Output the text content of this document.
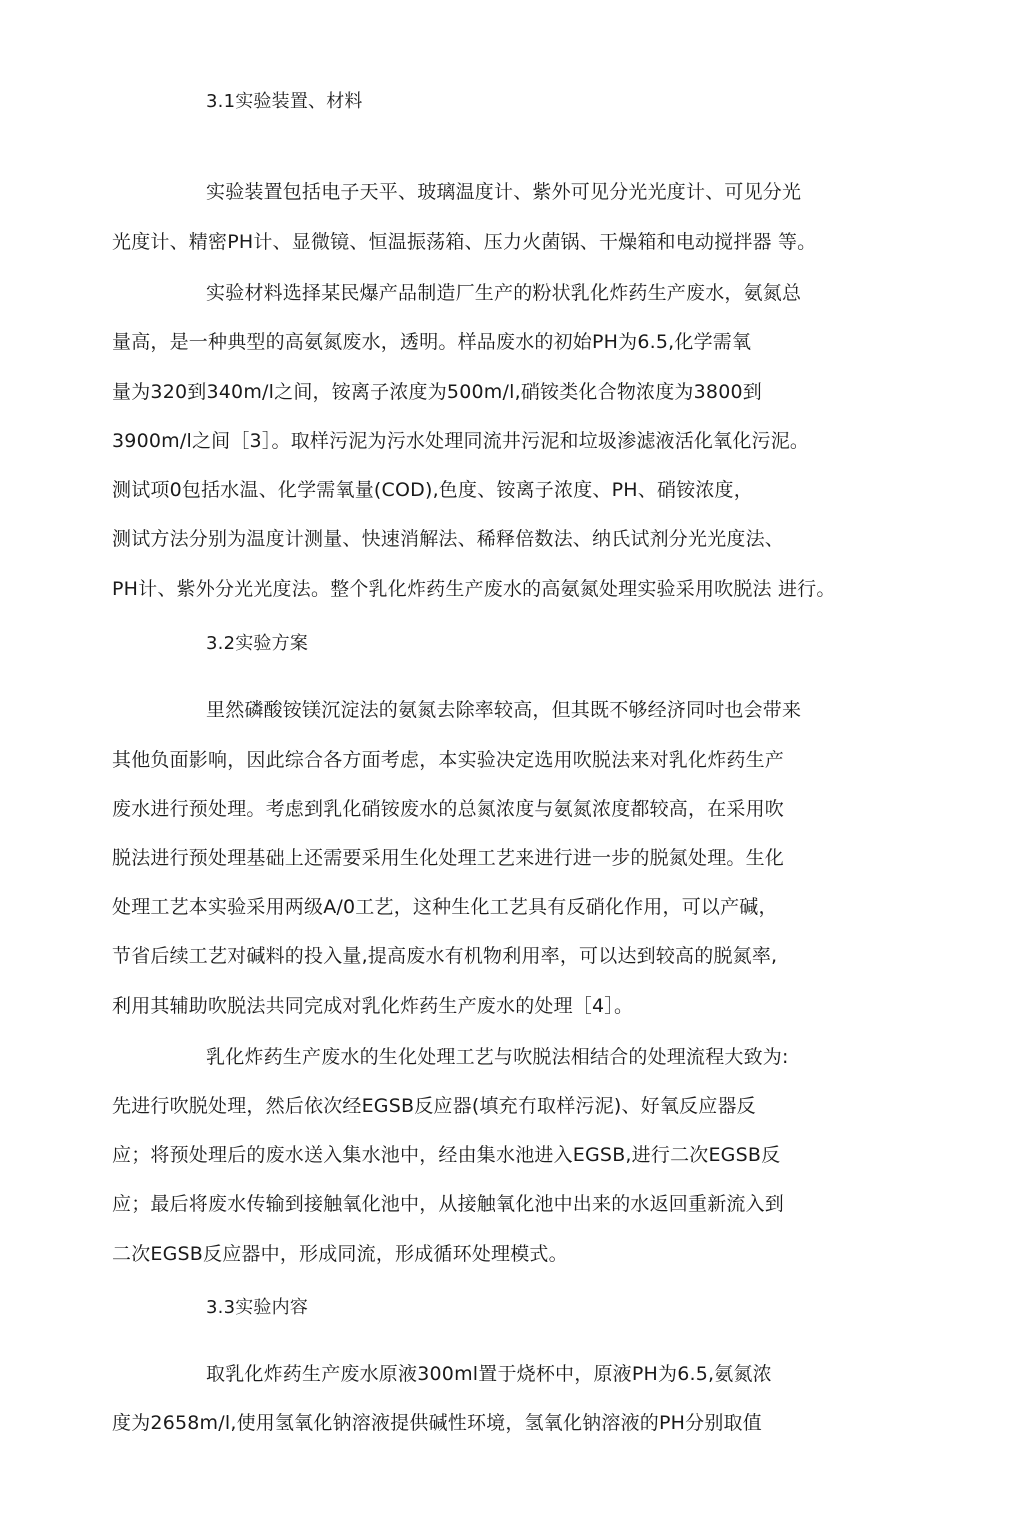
3.1实验装置、材料
实验装置包括电子天平、玻璃温度计、紫外可见分光光度计、可见分光
光度计、精密PH计、显微镜、恒温振荡箱、压力火菌锅、干燥箱和电动搅拌器 等。
实验材料选择某民爆产品制造厂生产的粉状乳化炸药生产废水，氨氮总
量高，是一种典型的高氨氮废水，透明。样品废水的初始PH为6.5,化学需氧
量为320到340m/l之间，铵离子浓度为500m/l,硝铵类化合物浓度为3800到
3900m/l之间［3］。取样污泥为污水处理同流井污泥和垃圾渗滤液活化氧化污泥。
测试项0包括水温、化学需氧量(COD),色度、铵离子浓度、PH、硝铵浓度，
测试方法分别为温度计测量、快速消解法、稀释倍数法、纳氏试剂分光光度法、
PH计、紫外分光光度法。整个乳化炸药生产废水的高氨氮处理实验采用吹脱法 进行。
3.2实验方案
里然磷酸铵镁沉淀法的氨氮去除率较高，但其既不够经济同吋也会带来
其他负面影响，因此综合各方面考虑，本实验决定选用吹脱法来对乳化炸药生产
废水进行预处理。考虑到乳化硝铵废水的总氮浓度与氨氮浓度都较高，在采用吹
脱法进行预处理基础上还需要采用生化处理工艺来进行进一步的脱氮处理。生化
处理工艺本实验采用两级A/0工艺，这种生化工艺具有反硝化作用，可以产碱，
节省后续工艺对碱料的投入量,提高废水有机物利用率，可以达到较高的脱氮率,
利用其辅助吹脱法共同完成对乳化炸药生产废水的处理［4］。
乳化炸药生产废水的生化处理工艺与吹脱法相结合的处理流程大致为:
先进行吹脱处理，然后依次经EGSB反应器(填充冇取样污泥)、好氧反应器反
应；将预处理后的废水送入集水池中，经由集水池进入EGSB,进行二次EGSB反
应；最后将废水传输到接触氧化池中，从接触氧化池中出来的水返回重新流入到
二次EGSB反应器中，形成同流，形成循环处理模式。
3.3实验内容
取乳化炸药生产废水原液300ml置于烧杯中，原液PH为6.5,氨氮浓
度为2658m/l,使用氢氧化钠溶液提供碱性环境，氢氧化钠溶液的PH分别取值
